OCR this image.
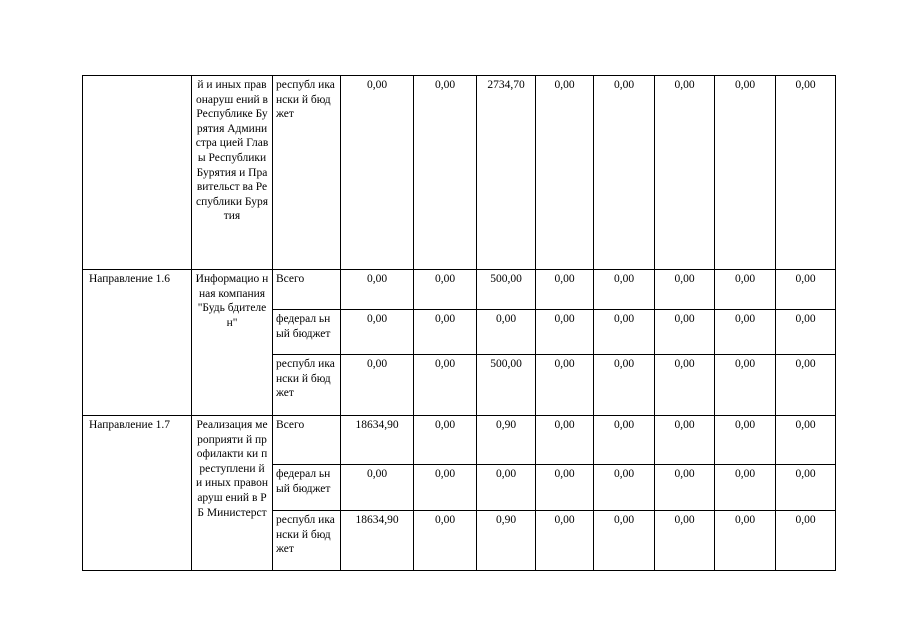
	й и иных правонаруш ений в Республике Бурятия Администра цией Главы Республики Бурятия и Правительст ва Республики Бурятия	республ икански й бюджет	0,00	0,00	2734,70	0,00	0,00	0,00	0,00	0,00
Направление 1.6	Информацио нная компания "Будь бдителен"	Всего	0,00	0,00	500,00	0,00	0,00	0,00	0,00	0,00
		федерал ьный бюджет	0,00	0,00	0,00	0,00	0,00	0,00	0,00	0,00
		республ икански й бюджет	0,00	0,00	500,00	0,00	0,00	0,00	0,00	0,00
Направление 1.7	Реализация мероприяти й профилакти ки преступлени й и иных правонаруш ений в РБ Министерст	Всего	18634,90	0,00	0,90	0,00	0,00	0,00	0,00	0,00
		федерал ьный бюджет	0,00	0,00	0,00	0,00	0,00	0,00	0,00	0,00
		республ икански й бюджет	18634,90	0,00	0,90	0,00	0,00	0,00	0,00	0,00
